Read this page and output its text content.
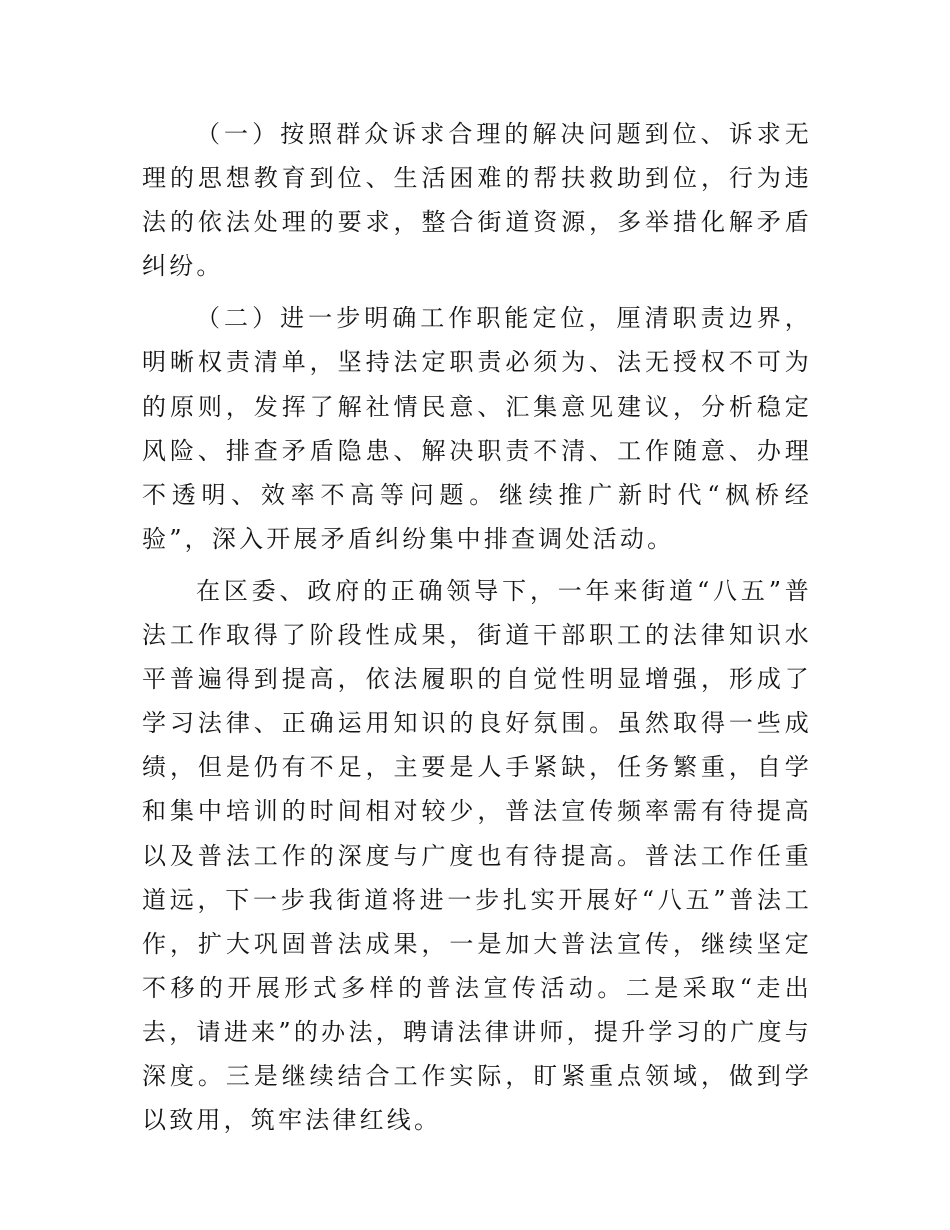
（一）按照群众诉求合理的解决问题到位、诉求无理的思想教育到位、生活困难的帮扶救助到位，行为违法的依法处理的要求，整合街道资源，多举措化解矛盾纠纷。

（二）进一步明确工作职能定位，厘清职责边界，明晰权责清单，坚持法定职责必须为、法无授权不可为的原则，发挥了解社情民意、汇集意见建议，分析稳定风险、排查矛盾隐患、解决职责不清、工作随意、办理不透明、效率不高等问题。继续推广新时代“枫桥经验”，深入开展矛盾纠纷集中排查调处活动。

在区委、政府的正确领导下，一年来街道“八五”普法工作取得了阶段性成果，街道干部职工的法律知识水平普遍得到提高，依法履职的自觉性明显增强，形成了学习法律、正确运用知识的良好氛围。虽然取得一些成绩，但是仍有不足，主要是人手紧缺，任务繁重，自学和集中培训的时间相对较少，普法宣传频率需有待提高以及普法工作的深度与广度也有待提高。普法工作任重道远，下一步我街道将进一步扎实开展好“八五”普法工作，扩大巩固普法成果，一是加大普法宣传，继续坚定不移的开展形式多样的普法宣传活动。二是采取“走出去，请进来”的办法，聘请法律讲师，提升学习的广度与深度。三是继续结合工作实际，盯紧重点领域，做到学以致用，筑牢法律红线。
